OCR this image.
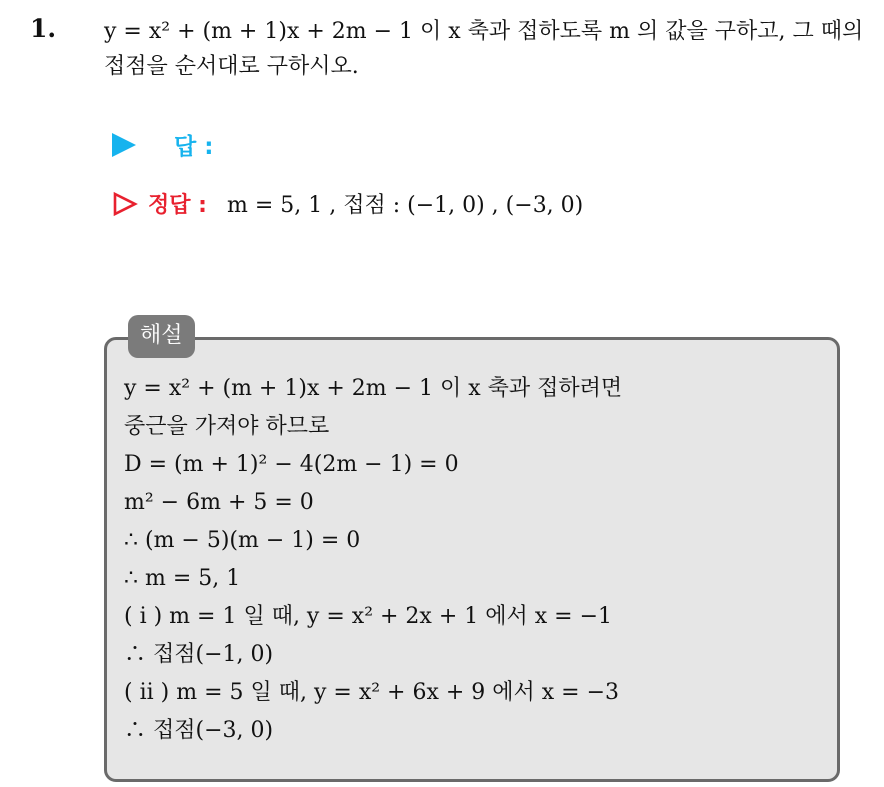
1. y = x² + (m + 1)x + 2m − 1 이 x 축과 접하도록 m 의 값을 구하고, 그 때의 접점을 순서대로 구하시오.

답 :
정답 : m = 5, 1 , 접점 : (−1, 0) , (−3, 0)
해설
y = x² + (m + 1)x + 2m − 1 이 x 축과 접하려면
중근을 가져야 하므로
D = (m + 1)² − 4(2m − 1) = 0
m² − 6m + 5 = 0
∴ (m − 5)(m − 1) = 0
∴ m = 5, 1
( i ) m = 1 일 때, y = x² + 2x + 1 에서 x = −1
∴ 접점(−1, 0)
( ii ) m = 5 일 때, y = x² + 6x + 9 에서 x = −3
∴ 접점(−3, 0)
